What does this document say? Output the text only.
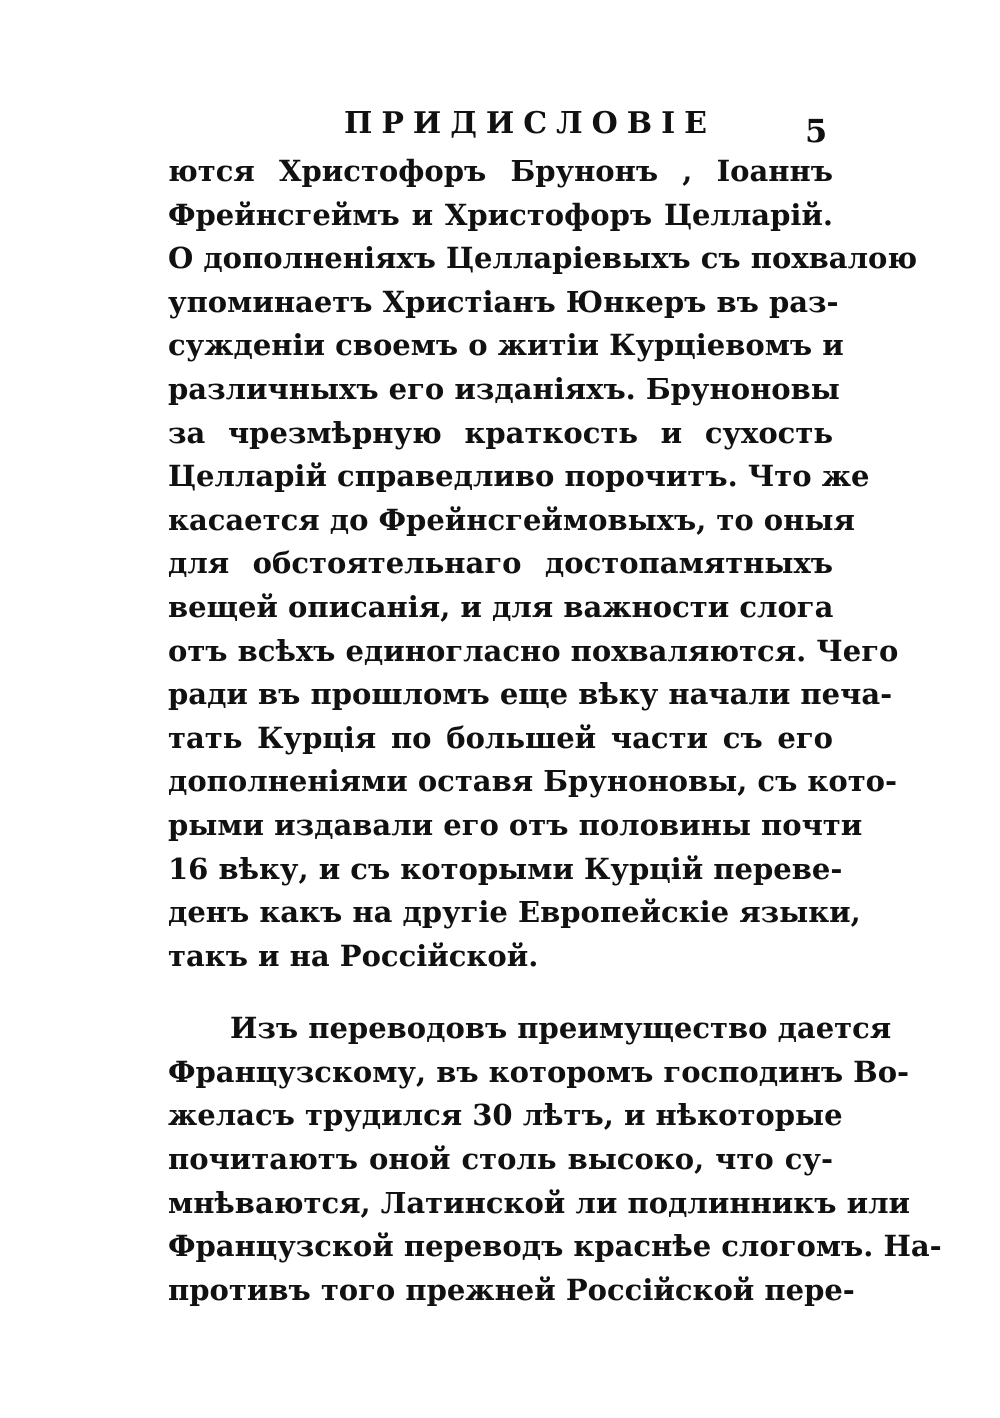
ПРИДИСЛОВІЕ	5
ются Христофоръ Брунонъ , Іоаннъ
Фрейнсгеймъ и Христофоръ Целларій.
О дополненіяхъ Целларіевыхъ съ похвалою
упоминаетъ Христіанъ Юнкеръ въ раз-
сужденіи своемъ о житіи Курціевомъ и
различныхъ его изданіяхъ. Бруноновы
за чрезмѣрную краткость и сухость
Целларій справедливо порочитъ. Что же
касается до Фрейнсгеймовыхъ, то оныя
для обстоятельнаго достопамятныхъ
вещей описанія, и для важности слога
отъ всѣхъ единогласно похваляются. Чего
ради въ прошломъ еще вѣку начали печа-
тать Курція по большей части съ его
дополненіями оставя Бруноновы, съ кото-
рыми издавали его отъ половины почти
16 вѣку, и съ которыми Курцій переве-
денъ какъ на другіе Европейскіе языки,
такъ и на Россійской.
Изъ переводовъ преимущество дается
Французскому, въ которомъ господинъ Во-
желасъ трудился 30 лѣтъ, и нѣкоторые
почитаютъ оной столь высоко, что су-
мнѣваются, Латинской ли подлинникъ или
Французской переводъ краснѣе слогомъ. На-
противъ того прежней Россійской пере-
